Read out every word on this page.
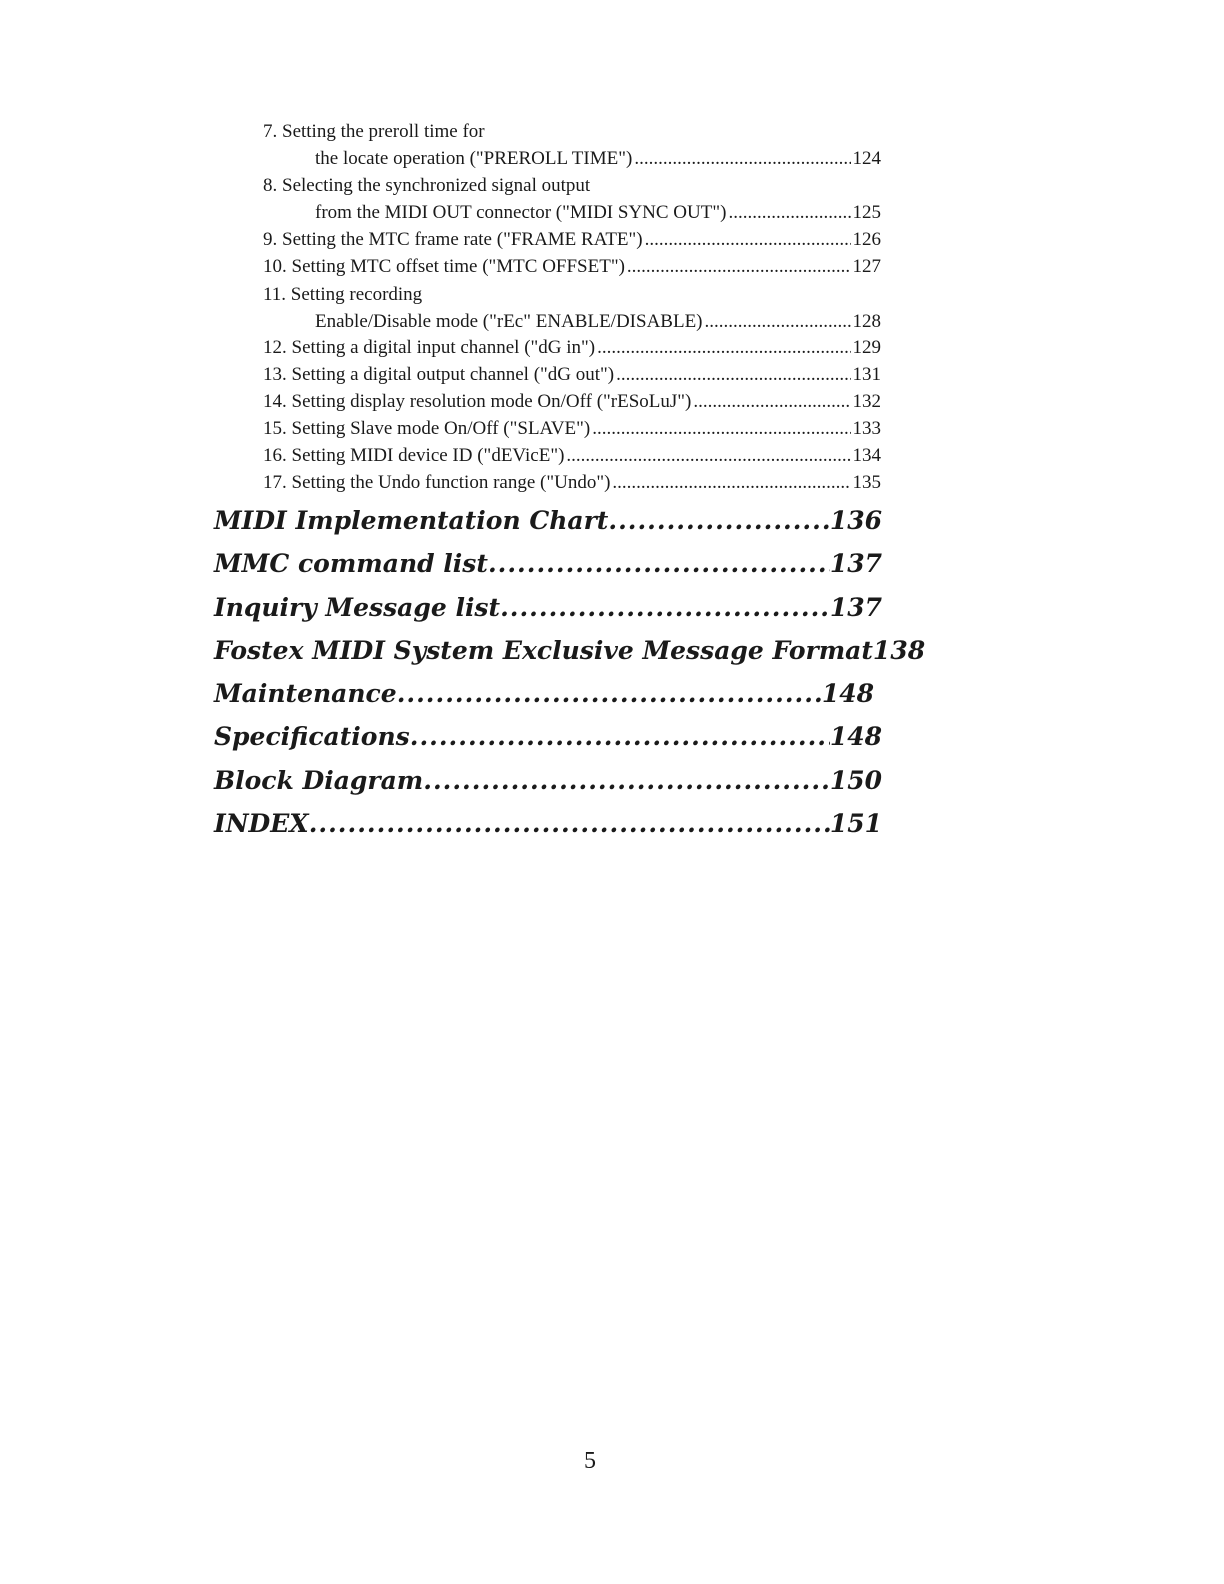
7. Setting the preroll time for
the locate operation ("PREROLL TIME") .....	124
8. Selecting the synchronized signal output
from the MIDI OUT connector ("MIDI SYNC OUT") .....	125
9. Setting the MTC frame rate ("FRAME RATE") .....	126
10. Setting MTC offset time ("MTC OFFSET") .....	127
11. Setting recording
Enable/Disable mode ("rEc" ENABLE/DISABLE) .....	128
12. Setting a digital input channel ("dG in") .....	129
13. Setting a digital output channel ("dG out") .....	131
14. Setting display resolution mode On/Off ("rESoLuJ") .....	132
15. Setting Slave mode On/Off ("SLAVE") .....	133
16. Setting MIDI device ID ("dEVicE") .....	134
17. Setting the Undo function range ("Undo") .....	135
MIDI Implementation Chart .....	136
MMC command list .....	137
Inquiry Message list .....	137
Fostex MIDI System Exclusive Message Format 138
Maintenance .....	148
Specifications .....	148
Block Diagram .....	150
INDEX .....	151
5
